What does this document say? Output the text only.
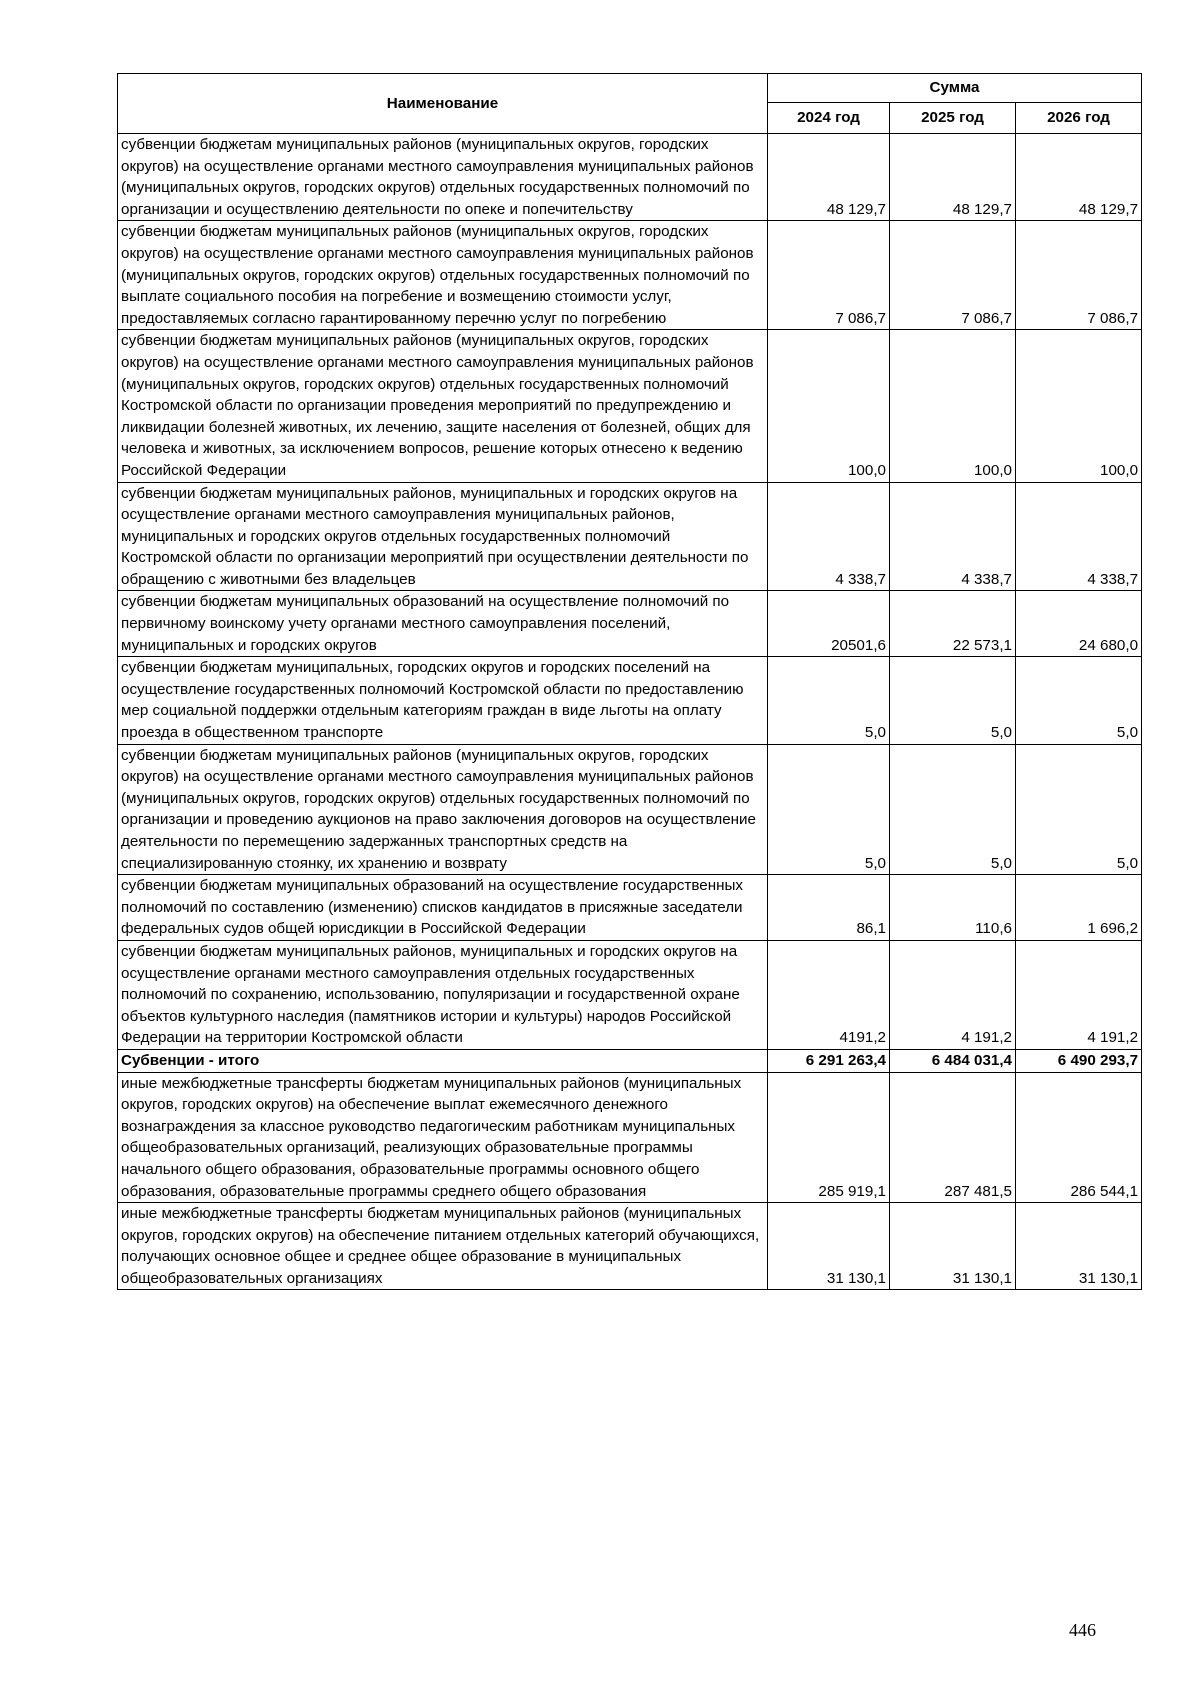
Наименование	Сумма		
	2024 год	2025 год	2026 год
субвенции бюджетам муниципальных районов (муниципальных округов, городских округов) на осуществление органами местного самоуправления муниципальных районов (муниципальных округов, городских округов) отдельных государственных полномочий по организации и осуществлению деятельности по опеке и попечительству	48 129,7	48 129,7	48 129,7
субвенции бюджетам муниципальных районов (муниципальных округов, городских округов) на осуществление органами местного самоуправления муниципальных районов (муниципальных округов, городских округов) отдельных государственных полномочий по выплате социального пособия на погребение и возмещению стоимости услуг, предоставляемых согласно гарантированному перечню услуг по погребению	7 086,7	7 086,7	7 086,7
субвенции бюджетам муниципальных районов (муниципальных округов, городских округов) на осуществление органами местного самоуправления муниципальных районов (муниципальных округов, городских округов) отдельных государственных полномочий Костромской области по организации проведения мероприятий по предупреждению и ликвидации болезней животных, их лечению, защите населения от болезней, общих для человека и животных, за исключением вопросов, решение которых отнесено к ведению Российской Федерации	100,0	100,0	100,0
субвенции бюджетам муниципальных районов, муниципальных и городских округов на осуществление органами местного самоуправления муниципальных районов, муниципальных и городских округов отдельных государственных полномочий Костромской области по организации мероприятий при осуществлении деятельности по обращению с животными без владельцев	4 338,7	4 338,7	4 338,7
субвенции бюджетам муниципальных образований на осуществление полномочий по первичному воинскому учету органами местного самоуправления поселений, муниципальных и городских округов	20501,6	22 573,1	24 680,0
субвенции бюджетам муниципальных, городских округов и городских поселений на осуществление государственных полномочий Костромской области по предоставлению мер социальной поддержки отдельным категориям граждан в виде льготы на оплату проезда в общественном транспорте	5,0	5,0	5,0
субвенции бюджетам муниципальных районов (муниципальных округов, городских округов) на осуществление органами местного самоуправления муниципальных районов (муниципальных округов, городских округов) отдельных государственных полномочий по организации и проведению аукционов на право заключения договоров на осуществление деятельности по перемещению задержанных транспортных средств на специализированную стоянку, их хранению и возврату	5,0	5,0	5,0
субвенции бюджетам муниципальных образований на осуществление государственных полномочий по составлению (изменению) списков кандидатов в присяжные заседатели федеральных судов общей юрисдикции в Российской Федерации	86,1	110,6	1 696,2
субвенции бюджетам муниципальных районов, муниципальных и городских округов на осуществление органами местного самоуправления отдельных государственных полномочий по сохранению, использованию, популяризации и государственной охране объектов культурного наследия (памятников истории и культуры) народов Российской Федерации на территории Костромской области	4191,2	4 191,2	4 191,2
Субвенции - итого	6 291 263,4	6 484 031,4	6 490 293,7
иные межбюджетные трансферты бюджетам муниципальных районов (муниципальных округов, городских округов) на обеспечение выплат ежемесячного денежного вознаграждения за классное руководство педагогическим работникам муниципальных общеобразовательных организаций, реализующих образовательные программы начального общего образования, образовательные программы основного общего образования, образовательные программы среднего общего образования	285 919,1	287 481,5	286 544,1
иные межбюджетные трансферты бюджетам муниципальных районов (муниципальных округов, городских округов) на обеспечение питанием отдельных категорий обучающихся, получающих основное общее и среднее общее образование в муниципальных общеобразовательных организациях	31 130,1	31 130,1	31 130,1
446
